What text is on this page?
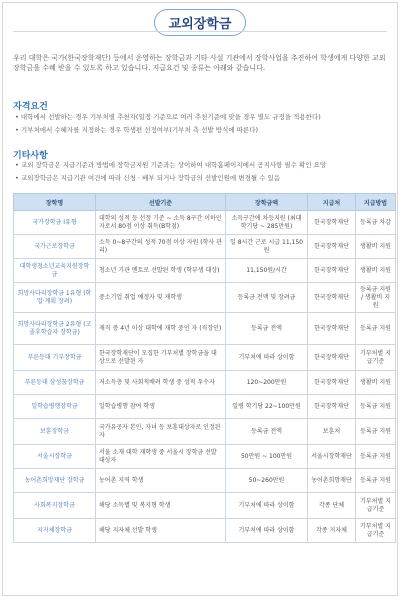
교외장학금
우리 대학은 국가(한국장학재단) 등에서 운영하는 장학금과 기타 사설 기관에서 장학사업을 추진하여 학생에게 다양한 교외 장학금을 수혜 받을 수 있도록 하고 있습니다. 지급요건 및 종류는 아래와 같습니다.
자격요건
• 대학에서 선발하는 경우 기부처별 추천자(일정 기준으로 여러 추천기준에 맞을 경우 별도 규정을 적용한다)
• 기부처에서 수혜자를 지정하는 경우 학생편 선정여부(기부처 측 선발 방식에 따른다)
기타사항
• 교외 장학금은 지급기준과 방법에 장학금지원 기준과는 상이하여 대학홈페이지에서 공지사항 필수 확인 요망
• 교외장학금은 지급기관 여건에 따라 신청 · 배부 되거나 장학금의 선발인원에 변경될 수 있음
장학명	선발기준	장학금액	지급처	지급방법
국가장학금 Ⅰ유형	대학의 성적 등 선정 기준 ~ 소득 8구간 이하인 자로서 80점 이상 취득(B학점)	소득구간에 차등지원 (최대 학기당 ~ 285만원)	한국장학재단	등록금 차감
국가근로장학금	소득 0~8구간의 성적 70점 이상 자원 (학사 관리)	일 8시간 근로 시급 11,150원	한국장학재단	생활비 지원
대학생청소년교육지원장학금	청소년 기관 멘토로 선발된 학생 (학부생 대상)	11,150원/시간	한국장학재단	생활비 지원
희망사다리장학금 1유형 (학업·계획 장려)	중소기업 취업 예정자 및 재학생	등록금 전액 및 장려금	한국장학재단	등록금 지원 / 생활비 지원
희망사다리장학금 2유형 (고졸후학습자 장학금)	재직 중 4년 이상 대학에 재학 중인 자 (직장인)	등록금 전액	한국장학재단	등록금 지원
푸른등대 기부장학금	한국장학재단이 모집한 기부처별 장학금을 대상으로 선발된 자	기부처에 따라 상이함	한국장학재단	기부처별 지급기준
푸른등대 삼성꿈장학금	저소득층 및 사회적배려 학생 중 성적 우수자	120~200만원	한국장학재단	생활비 지원
일학습병행장학금	일학습병행 참여 학생	일병 학기당 22~100만원	한국장학재단	등록금 지원
보훈장학금	국가유공자 본인, 자녀 등 보훈대상자로 인정된 자	등록금 전액	보훈처	등록금 지원
서울시장학금	서울 소재 대학 재학생 중 서울시 장학금 선발 대상자	50만원 ~ 100만원	서울시장학재단	등록금 지원
농어촌희망재단 장학금	농어촌 지역 학생	50~260만원	농어촌희망재단	등록금 지원
사회복지장학금	해당 소득별 및 복지형 학생	기부처에 따라 상이함	각종 단체	기부처별 지급기준
지자체장학금	해당 지자체 선발 학생	기부처에 따라 상이함	각종 지자체	기부처별 지급기준
